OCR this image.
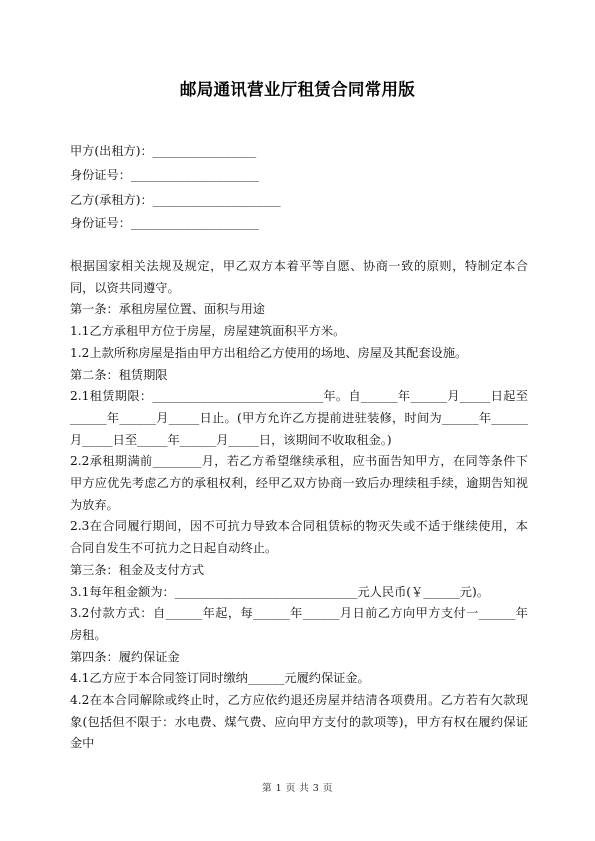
邮局通讯营业厅租赁合同常用版
甲方(出租方)：_________________
身份证号：_____________________
乙方(承租方)：_____________________
身份证号：_____________________

根据国家相关法规及规定，甲乙双方本着平等自愿、协商一致的原则，特制定本合同，以资共同遵守。

第一条：承租房屋位置、面积与用途

1.1乙方承租甲方位于房屋，房屋建筑面积平方米。

1.2上款所称房屋是指由甲方出租给乙方使用的场地、房屋及其配套设施。

第二条：租赁期限

2.1租赁期限：____________________________年。自______年______月_____日起至______年______月_____日止。(甲方允许乙方提前进驻装修，时间为______年______月_____日至_____年______月_____日，该期间不收取租金。)

2.2承租期满前________月，若乙方希望继续承租，应书面告知甲方，在同等条件下甲方应优先考虑乙方的承租权利，经甲乙双方协商一致后办理续租手续，逾期告知视为放弃。

2.3在合同履行期间，因不可抗力导致本合同租赁标的物灭失或不适于继续使用，本合同自发生不可抗力之日起自动终止。

第三条：租金及支付方式

3.1每年租金额为：______________________________元人民币(￥______元)。

3.2付款方式：自______年起，每______年______月日前乙方向甲方支付一______年房租。

第四条：履约保证金

4.1乙方应于本合同签订同时缴纳______元履约保证金。

4.2在本合同解除或终止时，乙方应依约退还房屋并结清各项费用。乙方若有欠款现象(包括但不限于：水电费、煤气费、应向甲方支付的款项等)，甲方有权在履约保证金中

第 1 页 共 3 页
